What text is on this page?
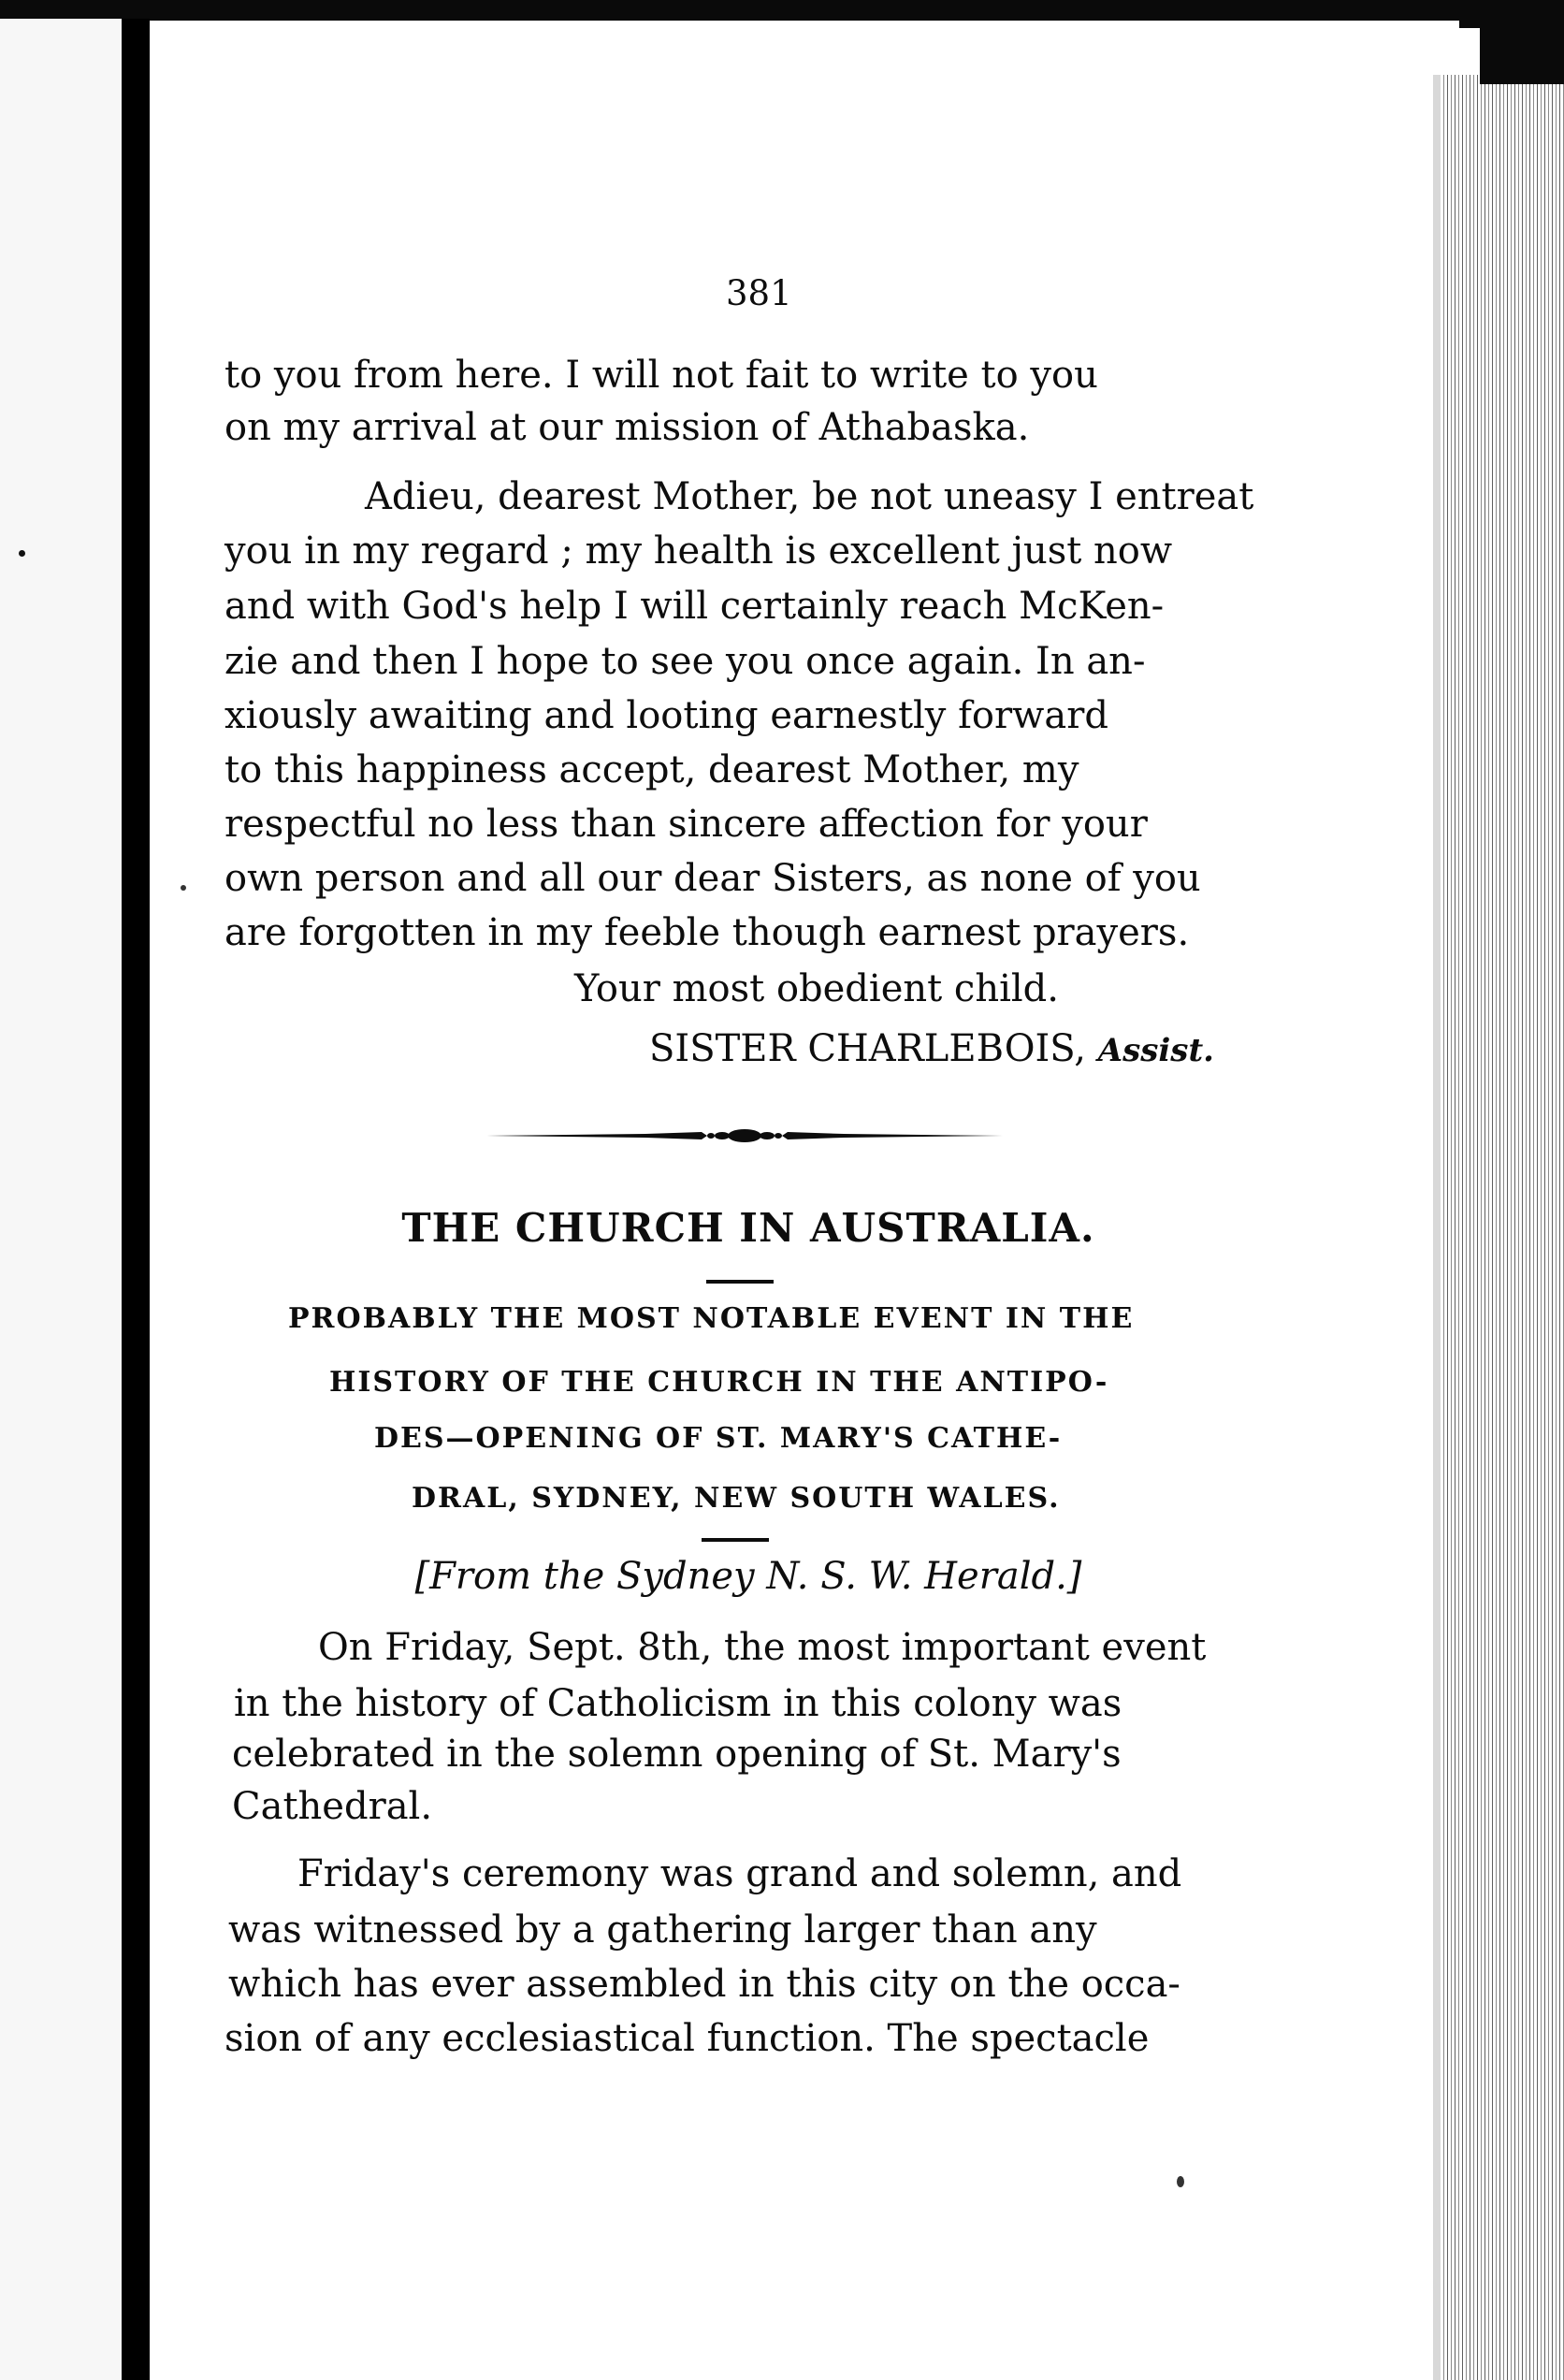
381
to you from here. I will not fait to write to you
on my arrival at our mission of Athabaska.
Adieu, dearest Mother, be not uneasy I entreat
you in my regard ; my health is excellent just now
and with God's help I will certainly reach McKen-
zie and then I hope to see you once again. In an-
xiously awaiting and looting earnestly forward
to this happiness accept, dearest Mother, my
respectful no less than sincere affection for your
own person and all our dear Sisters, as none of you
are forgotten in my feeble though earnest prayers.
Your most obedient child.
SISTER CHARLEBOIS, Assist.
THE CHURCH IN AUSTRALIA.
PROBABLY THE MOST NOTABLE EVENT IN THE
HISTORY OF THE CHURCH IN THE ANTIPO-
DES—OPENING OF ST. MARY'S CATHE-
DRAL, SYDNEY, NEW SOUTH WALES.
[From the Sydney N. S. W. Herald.]
On Friday, Sept. 8th, the most important event
in the history of Catholicism in this colony was
celebrated in the solemn opening of St. Mary's
Cathedral.
Friday's ceremony was grand and solemn, and
was witnessed by a gathering larger than any
which has ever assembled in this city on the occa-
sion of any ecclesiastical function. The spectacle
